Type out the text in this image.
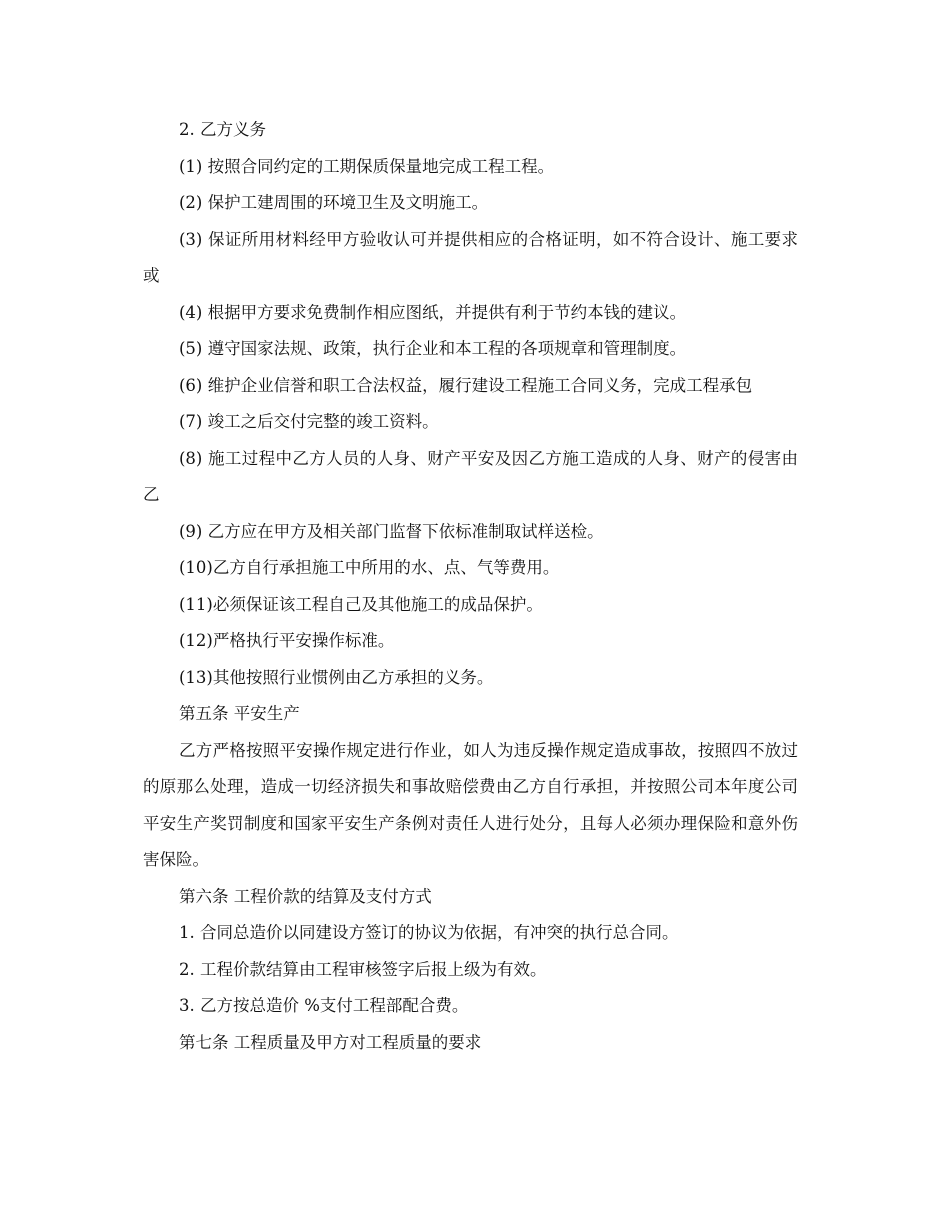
2. 乙方义务

(1) 按照合同约定的工期保质保量地完成工程工程。

(2) 保护工建周围的环境卫生及文明施工。

(3) 保证所用材料经甲方验收认可并提供相应的合格证明，如不符合设计、施工要求或

(4) 根据甲方要求免费制作相应图纸，并提供有利于节约本钱的建议。

(5) 遵守国家法规、政策，执行企业和本工程的各项规章和管理制度。

(6) 维护企业信誉和职工合法权益，履行建设工程施工合同义务，完成工程承包

(7) 竣工之后交付完整的竣工资料。

(8) 施工过程中乙方人员的人身、财产平安及因乙方施工造成的人身、财产的侵害由乙

(9) 乙方应在甲方及相关部门监督下依标准制取试样送检。

(10)乙方自行承担施工中所用的水、点、气等费用。

(11)必须保证该工程自己及其他施工的成品保护。

(12)严格执行平安操作标准。

(13)其他按照行业惯例由乙方承担的义务。

第五条 平安生产

乙方严格按照平安操作规定进行作业，如人为违反操作规定造成事故，按照四不放过的原那么处理，造成一切经济损失和事故赔偿费由乙方自行承担，并按照公司本年度公司平安生产奖罚制度和国家平安生产条例对责任人进行处分，且每人必须办理保险和意外伤害保险。

第六条 工程价款的结算及支付方式

1. 合同总造价以同建设方签订的协议为依据，有冲突的执行总合同。

2. 工程价款结算由工程审核签字后报上级为有效。

3. 乙方按总造价 %支付工程部配合费。

第七条 工程质量及甲方对工程质量的要求
